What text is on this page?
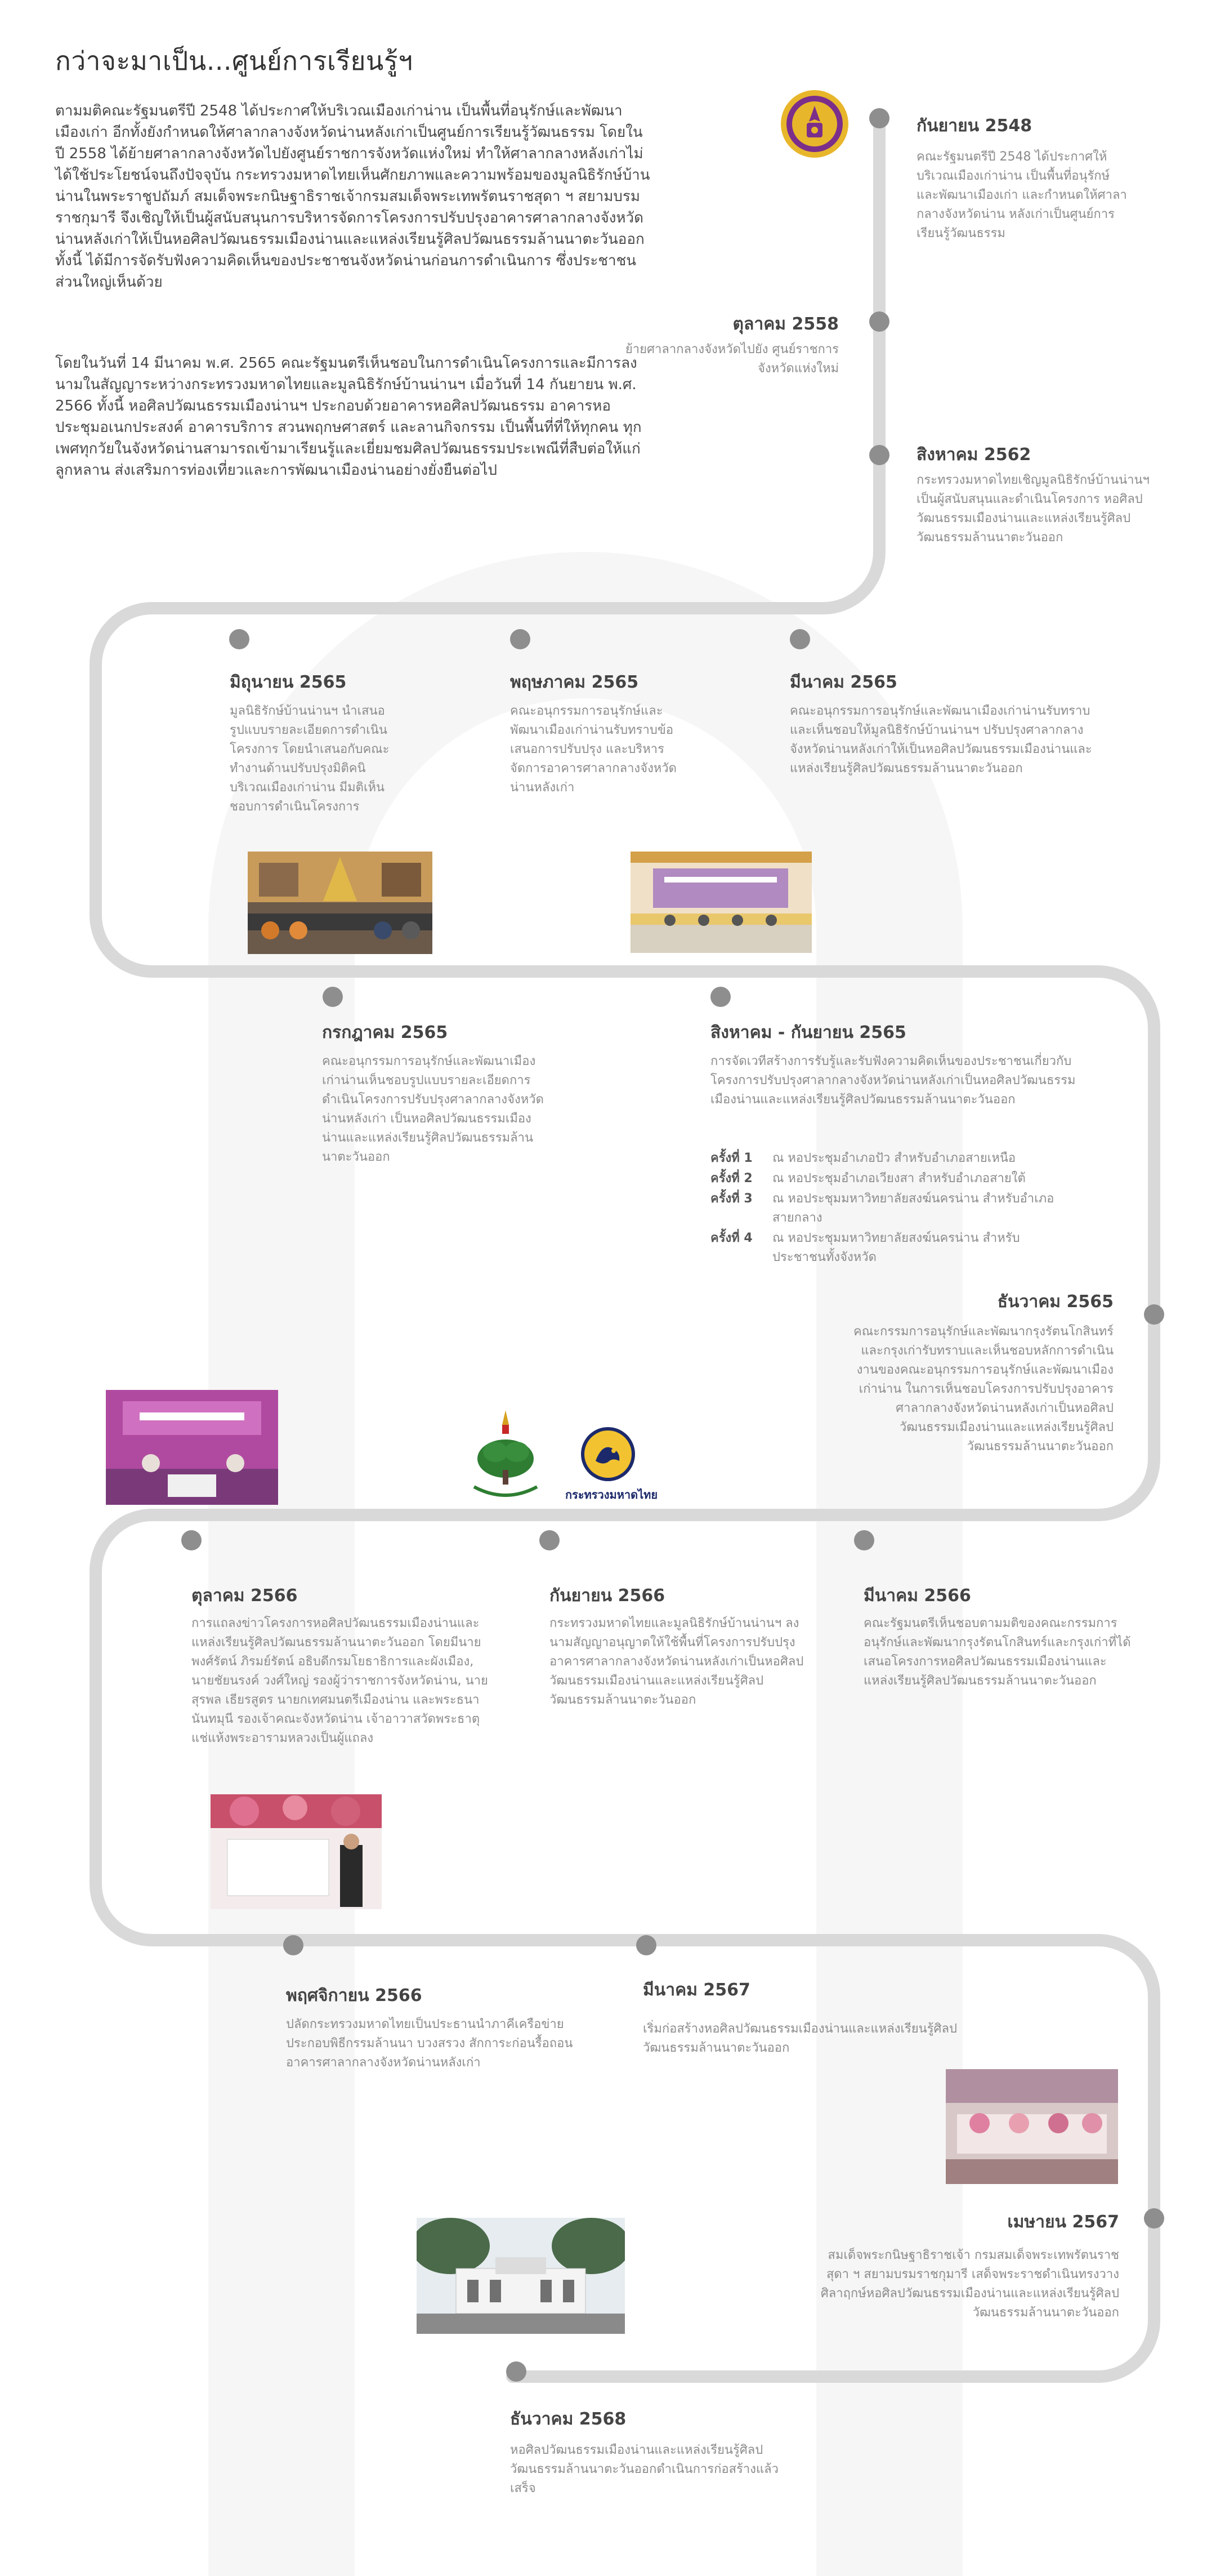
กว่าจะมาเป็น...ศูนย์การเรียนรู้ฯ
ตามมติคณะรัฐมนตรีปี 2548 ได้ประกาศให้บริเวณเมืองเก่าน่าน เป็นพื้นที่อนุรักษ์และพัฒนาเมืองเก่า อีกทั้งยังกำหนดให้ศาลากลางจังหวัดน่านหลังเก่าเป็นศูนย์การเรียนรู้วัฒนธรรม โดยในปี 2558 ได้ย้ายศาลากลางจังหวัดไปยังศูนย์ราชการจังหวัดแห่งใหม่ ทำให้ศาลากลางหลังเก่าไม่ได้ใช้ประโยชน์จนถึงปัจจุบัน กระทรวงมหาดไทยเห็นศักยภาพและความพร้อมของมูลนิธิรักษ์บ้านน่านในพระราชูปถัมภ์ สมเด็จพระกนิษฐาธิราชเจ้ากรมสมเด็จพระเทพรัตนราชสุดา ฯ สยามบรมราชกุมารี จึงเชิญให้เป็นผู้สนับสนุนการบริหารจัดการโครงการปรับปรุงอาคารศาลากลางจังหวัดน่านหลังเก่าให้เป็นหอศิลปวัฒนธรรมเมืองน่านและแหล่งเรียนรู้ศิลปวัฒนธรรมล้านนาตะวันออก ทั้งนี้ ได้มีการจัดรับฟังความคิดเห็นของประชาชนจังหวัดน่านก่อนการดำเนินการ ซึ่งประชาชนส่วนใหญ่เห็นด้วย
โดยในวันที่ 14 มีนาคม พ.ศ. 2565 คณะรัฐมนตรีเห็นชอบในการดำเนินโครงการและมีการลงนามในสัญญาระหว่างกระทรวงมหาดไทยและมูลนิธิรักษ์บ้านน่านฯ เมื่อวันที่ 14 กันยายน พ.ศ. 2566 ทั้งนี้ หอศิลปวัฒนธรรมเมืองน่านฯ ประกอบด้วยอาคารหอศิลปวัฒนธรรม อาคารหอประชุมอเนกประสงค์ อาคารบริการ สวนพฤกษศาสตร์ และลานกิจกรรม เป็นพื้นที่ที่ให้ทุกคน ทุกเพศทุกวัยในจังหวัดน่านสามารถเข้ามาเรียนรู้และเยี่ยมชมศิลปวัฒนธรรมประเพณีที่สืบต่อให้แก่ลูกหลาน ส่งเสริมการท่องเที่ยวและการพัฒนาเมืองน่านอย่างยั่งยืนต่อไป
กันยายน 2548
คณะรัฐมนตรีปี 2548 ได้ประกาศให้บริเวณเมืองเก่าน่าน เป็นพื้นที่อนุรักษ์และพัฒนาเมืองเก่า และกำหนดให้ศาลากลางจังหวัดน่าน หลังเก่าเป็นศูนย์การเรียนรู้วัฒนธรรม
ตุลาคม 2558
ย้ายศาลากลางจังหวัดไปยัง ศูนย์ราชการจังหวัดแห่งใหม่
สิงหาคม 2562
กระทรวงมหาดไทยเชิญมูลนิธิรักษ์บ้านน่านฯ เป็นผู้สนับสนุนและดำเนินโครงการ หอศิลปวัฒนธรรมเมืองน่านและแหล่งเรียนรู้ศิลปวัฒนธรรมล้านนาตะวันออก
มิถุนายน 2565
มูลนิธิรักษ์บ้านน่านฯ นำเสนอรูปแบบรายละเอียดการดำเนินโครงการ โดยนำเสนอกับคณะทำงานด้านปรับปรุงมิติคนิบริเวณเมืองเก่าน่าน มีมติเห็นชอบการดำเนินโครงการ
พฤษภาคม 2565
คณะอนุกรรมการอนุรักษ์และพัฒนาเมืองเก่าน่านรับทราบข้อเสนอการปรับปรุง และบริหารจัดการอาคารศาลากลางจังหวัดน่านหลังเก่า
มีนาคม 2565
คณะอนุกรรมการอนุรักษ์และพัฒนาเมืองเก่าน่านรับทราบและเห็นชอบให้มูลนิธิรักษ์บ้านน่านฯ ปรับปรุงศาลากลางจังหวัดน่านหลังเก่าให้เป็นหอศิลปวัฒนธรรมเมืองน่านและแหล่งเรียนรู้ศิลปวัฒนธรรมล้านนาตะวันออก
กรกฎาคม 2565
คณะอนุกรรมการอนุรักษ์และพัฒนาเมืองเก่าน่านเห็นชอบรูปแบบรายละเอียดการดำเนินโครงการปรับปรุงศาลากลางจังหวัดน่านหลังเก่า เป็นหอศิลปวัฒนธรรมเมืองน่านและแหล่งเรียนรู้ศิลปวัฒนธรรมล้านนาตะวันออก
สิงหาคม - กันยายน 2565
การจัดเวทีสร้างการรับรู้และรับฟังความคิดเห็นของประชาชนเกี่ยวกับโครงการปรับปรุงศาลากลางจังหวัดน่านหลังเก่าเป็นหอศิลปวัฒนธรรมเมืองน่านและแหล่งเรียนรู้ศิลปวัฒนธรรมล้านนาตะวันออก
ครั้งที่ 1 ณ หอประชุมอำเภอปัว สำหรับอำเภอสายเหนือ
ครั้งที่ 2 ณ หอประชุมอำเภอเวียงสา สำหรับอำเภอสายใต้
ครั้งที่ 3 ณ หอประชุมมหาวิทยาลัยสงฆ์นครน่าน สำหรับอำเภอสายกลาง
ครั้งที่ 4 ณ หอประชุมมหาวิทยาลัยสงฆ์นครน่าน สำหรับประชาชนทั้งจังหวัด
ธันวาคม 2565
คณะกรรมการอนุรักษ์และพัฒนากรุงรัตนโกสินทร์และกรุงเก่ารับทราบและเห็นชอบหลักการดำเนินงานของคณะอนุกรรมการอนุรักษ์และพัฒนาเมืองเก่าน่าน ในการเห็นชอบโครงการปรับปรุงอาคารศาลากลางจังหวัดน่านหลังเก่าเป็นหอศิลปวัฒนธรรมเมืองน่านและแหล่งเรียนรู้ศิลปวัฒนธรรมล้านนาตะวันออก
กระทรวงมหาดไทย
ตุลาคม 2566
การแถลงข่าวโครงการหอศิลปวัฒนธรรมเมืองน่านและแหล่งเรียนรู้ศิลปวัฒนธรรมล้านนาตะวันออก โดยมีนายพงศ์รัตน์ ภิรมย์รัตน์ อธิบดีกรมโยธาธิการและผังเมือง, นายชัยนรงค์ วงศ์ใหญ่ รองผู้ว่าราชการจังหวัดน่าน, นายสุรพล เธียรสูตร นายกเทศมนตรีเมืองน่าน และพระธนานันทมุนี รองเจ้าคณะจังหวัดน่าน เจ้าอาวาสวัดพระธาตุแช่แห้งพระอารามหลวงเป็นผู้แถลง
กันยายน 2566
กระทรวงมหาดไทยและมูลนิธิรักษ์บ้านน่านฯ ลงนามสัญญาอนุญาตให้ใช้พื้นที่โครงการปรับปรุงอาคารศาลากลางจังหวัดน่านหลังเก่าเป็นหอศิลปวัฒนธรรมเมืองน่านและแหล่งเรียนรู้ศิลปวัฒนธรรมล้านนาตะวันออก
มีนาคม 2566
คณะรัฐมนตรีเห็นชอบตามมติของคณะกรรมการอนุรักษ์และพัฒนากรุงรัตนโกสินทร์และกรุงเก่าที่ได้เสนอโครงการหอศิลปวัฒนธรรมเมืองน่านและแหล่งเรียนรู้ศิลปวัฒนธรรมล้านนาตะวันออก
พฤศจิกายน 2566
ปลัดกระทรวงมหาดไทยเป็นประธานนำภาคีเครือข่ายประกอบพิธีกรรมล้านนา บวงสรวง สักการะก่อนรื้อถอนอาคารศาลากลางจังหวัดน่านหลังเก่า
มีนาคม 2567
เริ่มก่อสร้างหอศิลปวัฒนธรรมเมืองน่านและแหล่งเรียนรู้ศิลปวัฒนธรรมล้านนาตะวันออก
เมษายน 2567
สมเด็จพระกนิษฐาธิราชเจ้า กรมสมเด็จพระเทพรัตนราชสุดา ฯ สยามบรมราชกุมารี เสด็จพระราชดำเนินทรงวางศิลาฤกษ์หอศิลปวัฒนธรรมเมืองน่านและแหล่งเรียนรู้ศิลปวัฒนธรรมล้านนาตะวันออก
ธันวาคม 2568
หอศิลปวัฒนธรรมเมืองน่านและแหล่งเรียนรู้ศิลปวัฒนธรรมล้านนาตะวันออกดำเนินการก่อสร้างแล้วเสร็จ
